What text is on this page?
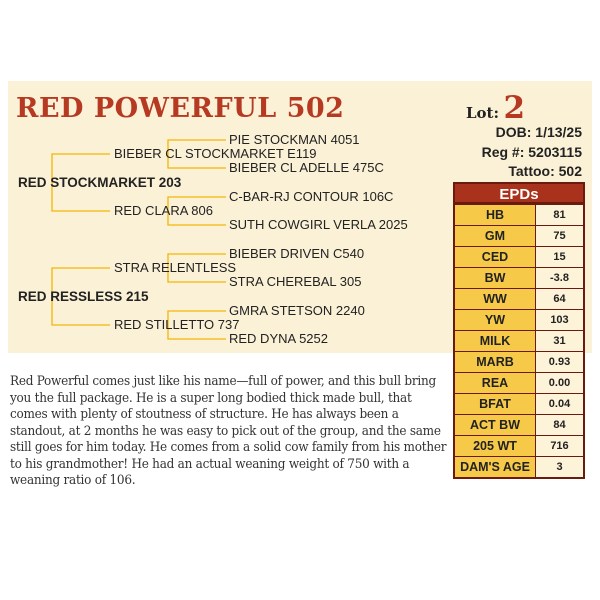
RED POWERFUL 502
PIE STOCKMAN 4051
BIEBER CL STOCKMARKET E119
BIEBER CL ADELLE 475C
RED STOCKMARKET 203
C-BAR-RJ CONTOUR 106C
RED CLARA 806
SUTH COWGIRL VERLA 2025
BIEBER DRIVEN C540
STRA RELENTLESS
STRA CHEREBAL 305
RED RESSLESS 215
GMRA STETSON 2240
RED STILLETTO 737
RED DYNA 5252
Lot: 2
DOB: 1/13/25
Reg #: 5203115
Tattoo: 502
EPDs
HB	81
GM	75
CED	15
BW	-3.8
WW	64
YW	103
MILK	31
MARB	0.93
REA	0.00
BFAT	0.04
ACT BW	84
205 WT	716
DAM'S AGE	3
Red Powerful comes just like his name—full of power, and this bull bring you the full package. He is a super long bodied thick made bull, that comes with plenty of stoutness of structure. He has always been a standout, at 2 months he was easy to pick out of the group, and the same still goes for him today. He comes from a solid cow family from his mother to his grandmother! He had an actual weaning weight of 750 with a weaning ratio of 106.
